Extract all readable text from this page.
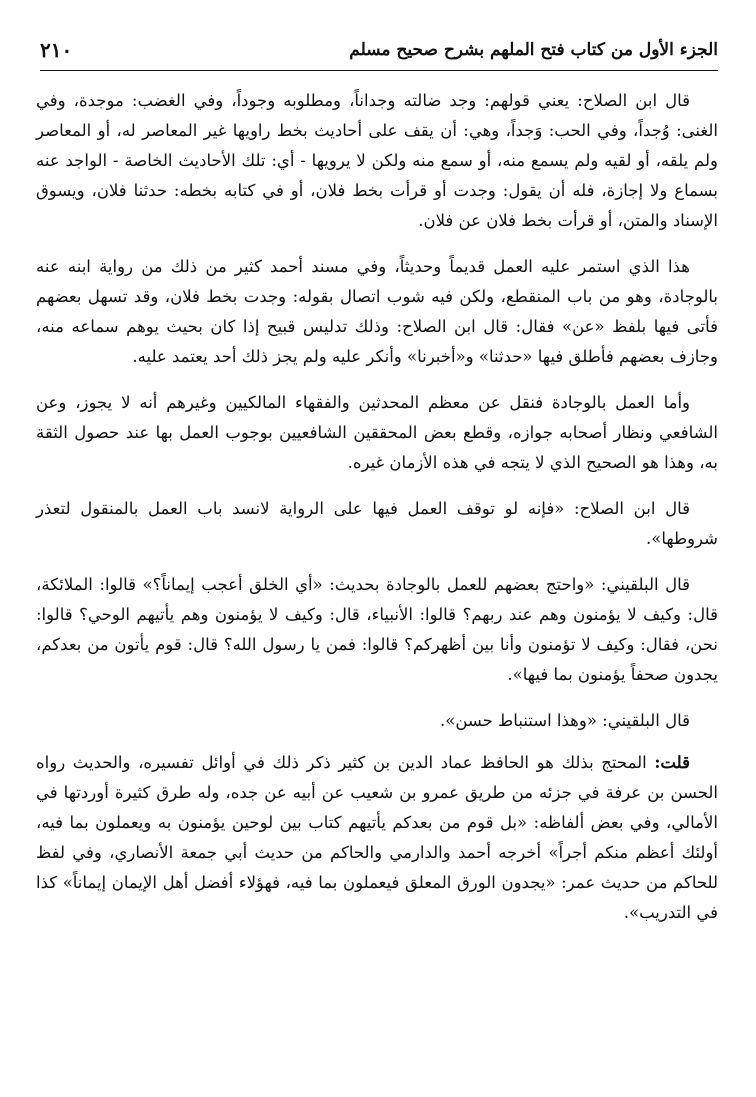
الجزء الأول من كتاب فتح الملهم بشرح صحيح مسلم
٢١٠

قال ابن الصلاح: يعني قولهم: وجد ضالته وجداناً، ومطلوبه وجوداً، وفي الغضب: موجدة، وفي الغنى: وُجداً، وفي الحب: وَجداً، وهي: أن يقف على أحاديث بخط راويها غير المعاصر له، أو المعاصر ولم يلقه، أو لقيه ولم يسمع منه، أو سمع منه ولكن لا يرويها - أي: تلك الأحاديث الخاصة - الواجد عنه بسماع ولا إجازة، فله أن يقول: وجدت أو قرأت بخط فلان، أو في كتابه بخطه: حدثنا فلان، ويسوق الإسناد والمتن، أو قرأت بخط فلان عن فلان.

هذا الذي استمر عليه العمل قديماً وحديثاً، وفي مسند أحمد كثير من ذلك من رواية ابنه عنه بالوجادة، وهو من باب المنقطع، ولكن فيه شوب اتصال بقوله: وجدت بخط فلان، وقد تسهل بعضهم فأتى فيها بلفظ «عن» فقال: قال ابن الصلاح: وذلك تدليس قبيح إذا كان بحيث يوهم سماعه منه، وجازف بعضهم فأطلق فيها «حدثنا» و«أخبرنا» وأنكر عليه ولم يجز ذلك أحد يعتمد عليه.

وأما العمل بالوجادة فنقل عن معظم المحدثين والفقهاء المالكيين وغيرهم أنه لا يجوز، وعن الشافعي ونظار أصحابه جوازه، وقطع بعض المحققين الشافعيين بوجوب العمل بها عند حصول الثقة به، وهذا هو الصحيح الذي لا يتجه في هذه الأزمان غيره.

قال ابن الصلاح: «فإنه لو توقف العمل فيها على الرواية لانسد باب العمل بالمنقول لتعذر شروطها».

قال البلقيني: «واحتج بعضهم للعمل بالوجادة بحديث: «أي الخلق أعجب إيماناً؟» قالوا: الملائكة، قال: وكيف لا يؤمنون وهم عند ربهم؟ قالوا: الأنبياء، قال: وكيف لا يؤمنون وهم يأتيهم الوحي؟ قالوا: نحن، فقال: وكيف لا تؤمنون وأنا بين أظهركم؟ قالوا: فمن يا رسول الله؟ قال: قوم يأتون من بعدكم، يجدون صحفاً يؤمنون بما فيها».

قال البلقيني: «وهذا استنباط حسن».

قلت: المحتج بذلك هو الحافظ عماد الدين بن كثير ذكر ذلك في أوائل تفسيره، والحديث رواه الحسن بن عرفة في جزئه من طريق عمرو بن شعيب عن أبيه عن جده، وله طرق كثيرة أوردتها في الأمالي، وفي بعض ألفاظه: «بل قوم من بعدكم يأتيهم كتاب بين لوحين يؤمنون به ويعملون بما فيه، أولئك أعظم منكم أجراً» أخرجه أحمد والدارمي والحاكم من حديث أبي جمعة الأنصاري، وفي لفظ للحاكم من حديث عمر: «يجدون الورق المعلق فيعملون بما فيه، فهؤلاء أفضل أهل الإيمان إيماناً» كذا في التدريب».
